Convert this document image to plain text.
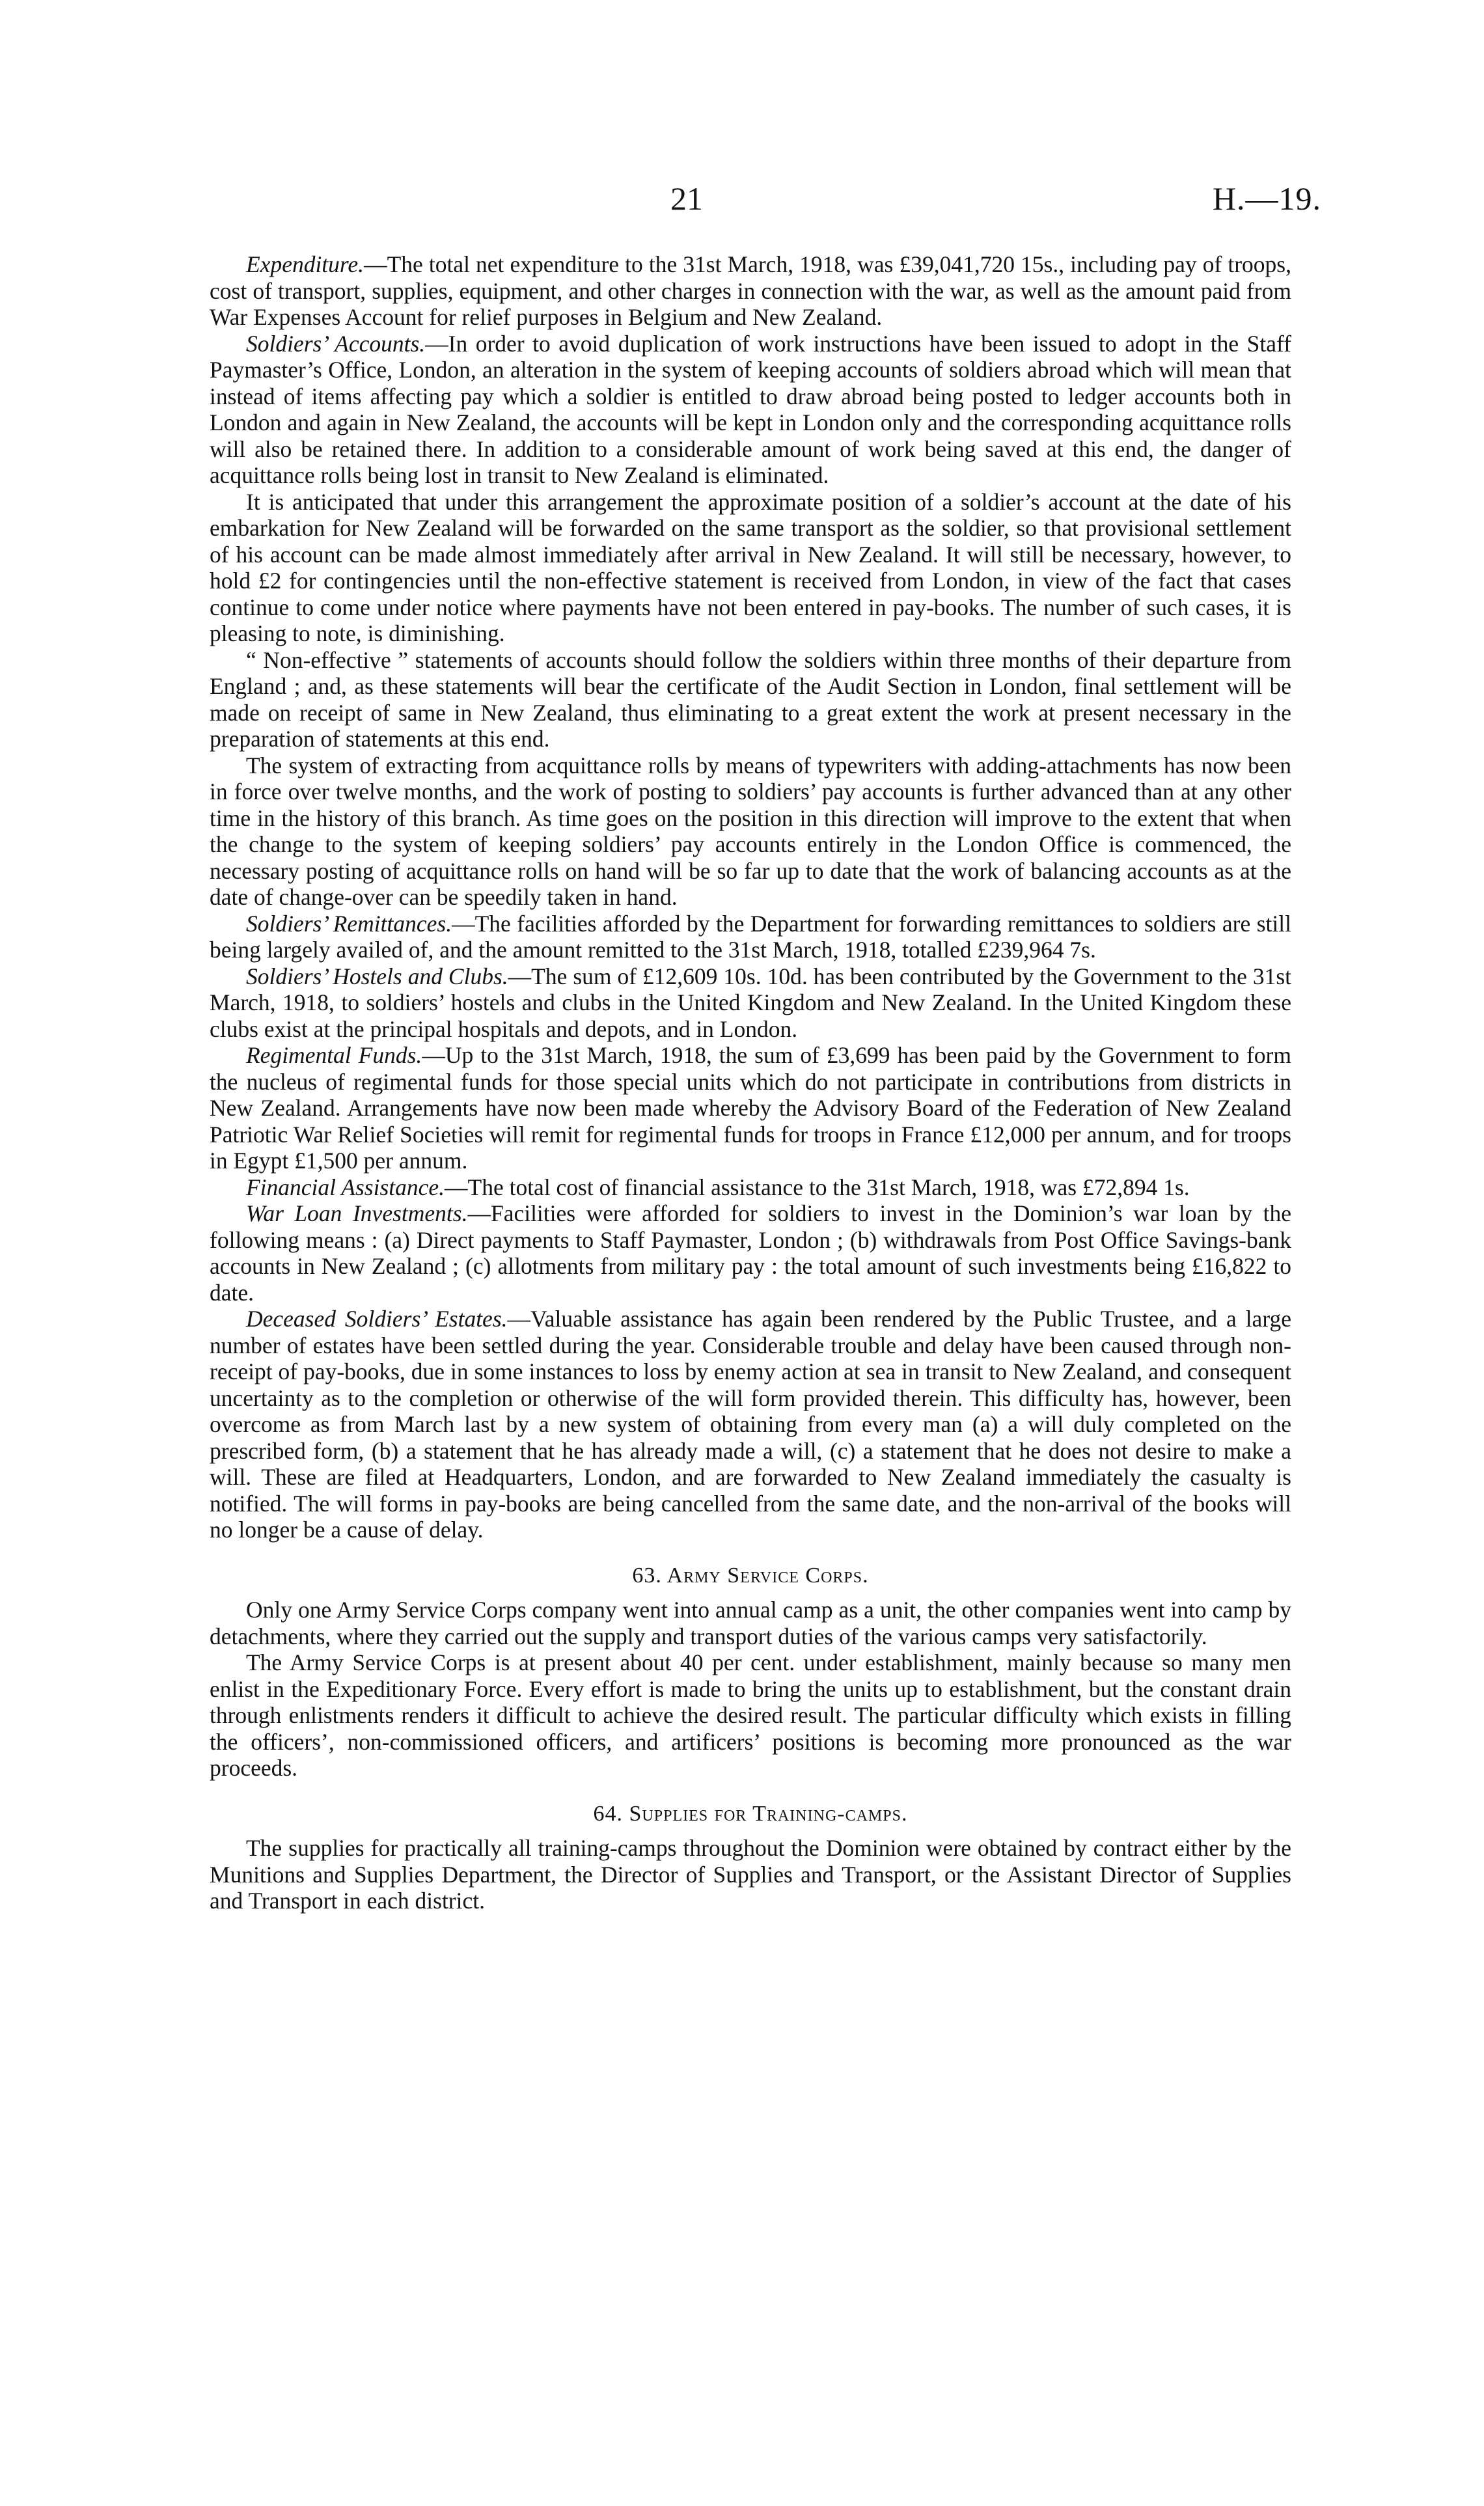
21	H.—19.

Expenditure.—The total net expenditure to the 31st March, 1918, was £39,041,720 15s., including pay of troops, cost of transport, supplies, equipment, and other charges in connection with the war, as well as the amount paid from War Expenses Account for relief purposes in Belgium and New Zealand.

Soldiers’ Accounts.—In order to avoid duplication of work instructions have been issued to adopt in the Staff Paymaster’s Office, London, an alteration in the system of keeping accounts of soldiers abroad which will mean that instead of items affecting pay which a soldier is entitled to draw abroad being posted to ledger accounts both in London and again in New Zealand, the accounts will be kept in London only and the corresponding acquittance rolls will also be retained there. In addition to a considerable amount of work being saved at this end, the danger of acquittance rolls being lost in transit to New Zealand is eliminated.

It is anticipated that under this arrangement the approximate position of a soldier’s account at the date of his embarkation for New Zealand will be forwarded on the same transport as the soldier, so that provisional settlement of his account can be made almost immediately after arrival in New Zealand. It will still be necessary, however, to hold £2 for contingencies until the non-effective statement is received from London, in view of the fact that cases continue to come under notice where payments have not been entered in pay-books. The number of such cases, it is pleasing to note, is diminishing.

“ Non-effective ” statements of accounts should follow the soldiers within three months of their departure from England ; and, as these statements will bear the certificate of the Audit Section in London, final settlement will be made on receipt of same in New Zealand, thus eliminating to a great extent the work at present necessary in the preparation of statements at this end.

The system of extracting from acquittance rolls by means of typewriters with adding-attachments has now been in force over twelve months, and the work of posting to soldiers’ pay accounts is further advanced than at any other time in the history of this branch. As time goes on the position in this direction will improve to the extent that when the change to the system of keeping soldiers’ pay accounts entirely in the London Office is commenced, the necessary posting of acquittance rolls on hand will be so far up to date that the work of balancing accounts as at the date of change-over can be speedily taken in hand.

Soldiers’ Remittances.—The facilities afforded by the Department for forwarding remittances to soldiers are still being largely availed of, and the amount remitted to the 31st March, 1918, totalled £239,964 7s.

Soldiers’ Hostels and Clubs.—The sum of £12,609 10s. 10d. has been contributed by the Government to the 31st March, 1918, to soldiers’ hostels and clubs in the United Kingdom and New Zealand. In the United Kingdom these clubs exist at the principal hospitals and depots, and in London.

Regimental Funds.—Up to the 31st March, 1918, the sum of £3,699 has been paid by the Government to form the nucleus of regimental funds for those special units which do not participate in contributions from districts in New Zealand. Arrangements have now been made whereby the Advisory Board of the Federation of New Zealand Patriotic War Relief Societies will remit for regimental funds for troops in France £12,000 per annum, and for troops in Egypt £1,500 per annum.

Financial Assistance.—The total cost of financial assistance to the 31st March, 1918, was £72,894 1s.

War Loan Investments.—Facilities were afforded for soldiers to invest in the Dominion’s war loan by the following means : (a) Direct payments to Staff Paymaster, London ; (b) withdrawals from Post Office Savings-bank accounts in New Zealand ; (c) allotments from military pay : the total amount of such investments being £16,822 to date.

Deceased Soldiers’ Estates.—Valuable assistance has again been rendered by the Public Trustee, and a large number of estates have been settled during the year. Considerable trouble and delay have been caused through non-receipt of pay-books, due in some instances to loss by enemy action at sea in transit to New Zealand, and consequent uncertainty as to the completion or otherwise of the will form provided therein. This difficulty has, however, been overcome as from March last by a new system of obtaining from every man (a) a will duly completed on the prescribed form, (b) a statement that he has already made a will, (c) a statement that he does not desire to make a will. These are filed at Headquarters, London, and are forwarded to New Zealand immediately the casualty is notified. The will forms in pay-books are being cancelled from the same date, and the non-arrival of the books will no longer be a cause of delay.

63. Army Service Corps.

Only one Army Service Corps company went into annual camp as a unit, the other companies went into camp by detachments, where they carried out the supply and transport duties of the various camps very satisfactorily.

The Army Service Corps is at present about 40 per cent. under establishment, mainly because so many men enlist in the Expeditionary Force. Every effort is made to bring the units up to establishment, but the constant drain through enlistments renders it difficult to achieve the desired result. The particular difficulty which exists in filling the officers’, non-commissioned officers, and artificers’ positions is becoming more pronounced as the war proceeds.

64. Supplies for Training-camps.

The supplies for practically all training-camps throughout the Dominion were obtained by contract either by the Munitions and Supplies Department, the Director of Supplies and Transport, or the Assistant Director of Supplies and Transport in each district.
